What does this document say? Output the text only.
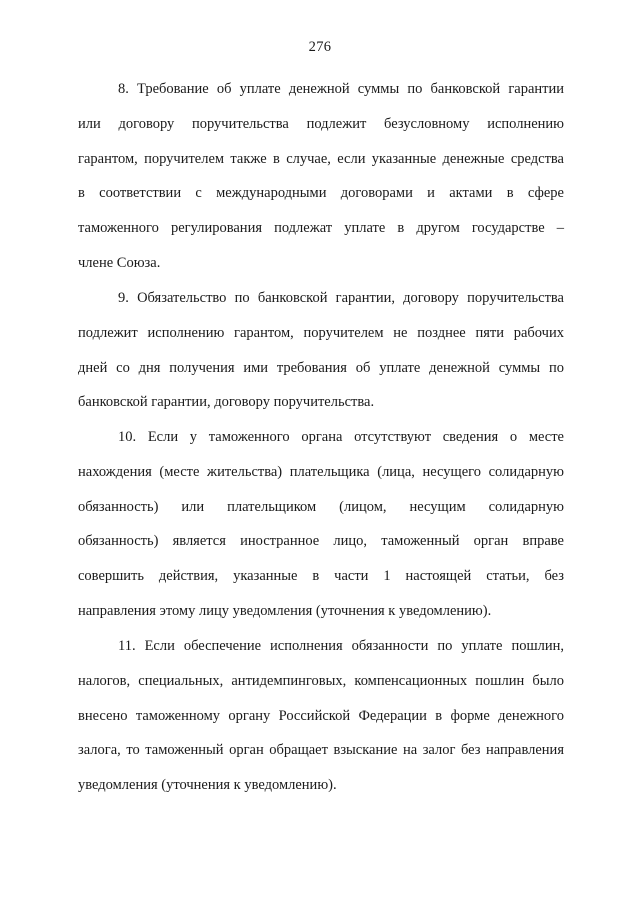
276

8. Требование об уплате денежной суммы по банковской гарантии
или договору поручительства подлежит безусловному исполнению
гарантом, поручителем также в случае, если указанные денежные средства
в соответствии с международными договорами и актами в сфере
таможенного регулирования подлежат уплате в другом государстве –
члене Союза.

9. Обязательство по банковской гарантии, договору поручительства
подлежит исполнению гарантом, поручителем не позднее пяти рабочих
дней со дня получения ими требования об уплате денежной суммы по
банковской гарантии, договору поручительства.

10. Если у таможенного органа отсутствуют сведения о месте
нахождения (месте жительства) плательщика (лица, несущего солидарную
обязанность) или плательщиком (лицом, несущим солидарную
обязанность) является иностранное лицо, таможенный орган вправе
совершить действия, указанные в части 1 настоящей статьи, без
направления этому лицу уведомления (уточнения к уведомлению).

11. Если обеспечение исполнения обязанности по уплате пошлин,
налогов, специальных, антидемпинговых, компенсационных пошлин было
внесено таможенному органу Российской Федерации в форме денежного
залога, то таможенный орган обращает взыскание на залог без направления
уведомления (уточнения к уведомлению).
